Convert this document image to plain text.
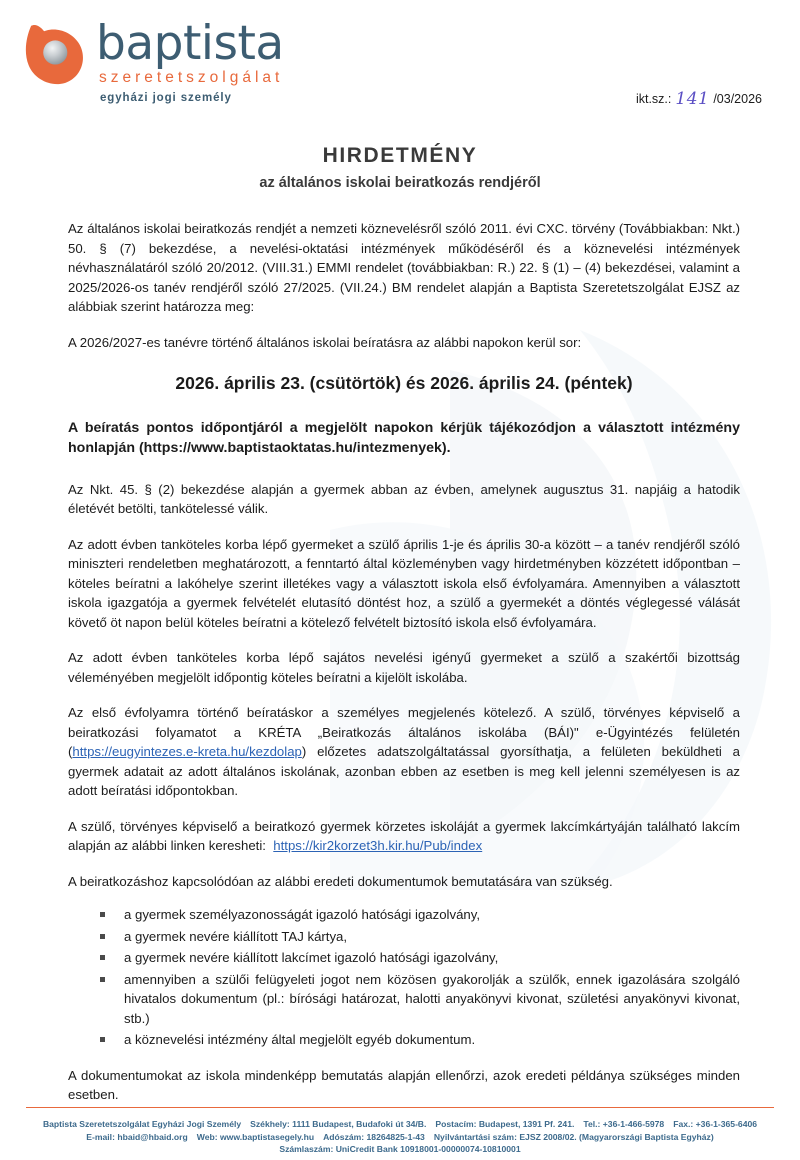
baptista
szeretetszolgálat
egyházi jogi személy	ikt.sz.: 141 /03/2026
HIRDETMÉNY
az általános iskolai beiratkozás rendjéről

Az általános iskolai beiratkozás rendjét a nemzeti köznevelésről szóló 2011. évi CXC. törvény (Továbbiakban: Nkt.) 50. § (7) bekezdése, a nevelési-oktatási intézmények működéséről és a köznevelési intézmények névhasználatáról szóló 20/2012. (VIII.31.) EMMI rendelet (továbbiakban: R.) 22. § (1) – (4) bekezdései, valamint a 2025/2026-os tanév rendjéről szóló 27/2025. (VII.24.) BM rendelet alapján a Baptista Szeretetszolgálat EJSZ az alábbiak szerint határozza meg:

A 2026/2027-es tanévre történő általános iskolai beíratásra az alábbi napokon kerül sor:

2026. április 23. (csütörtök) és 2026. április 24. (péntek)

A beíratás pontos időpontjáról a megjelölt napokon kérjük tájékozódjon a választott intézmény honlapján (https://www.baptistaoktatas.hu/intezmenyek).

Az Nkt. 45. § (2) bekezdése alapján a gyermek abban az évben, amelynek augusztus 31. napjáig a hatodik életévét betölti, tankötelessé válik.

Az adott évben tanköteles korba lépő gyermeket a szülő április 1-je és április 30-a között – a tanév rendjéről szóló miniszteri rendeletben meghatározott, a fenntartó által közleményben vagy hirdetményben közzétett időpontban – köteles beíratni a lakóhelye szerint illetékes vagy a választott iskola első évfolyamára. Amennyiben a választott iskola igazgatója a gyermek felvételét elutasító döntést hoz, a szülő a gyermekét a döntés véglegessé válását követő öt napon belül köteles beíratni a kötelező felvételt biztosító iskola első évfolyamára.

Az adott évben tanköteles korba lépő sajátos nevelési igényű gyermeket a szülő a szakértői bizottság véleményében megjelölt időpontig köteles beíratni a kijelölt iskolába.

Az első évfolyamra történő beíratáskor a személyes megjelenés kötelező. A szülő, törvényes képviselő a beiratkozási folyamatot a KRÉTA „Beiratkozás általános iskolába (BÁI)" e-Ügyintézés felületén (https://eugyintezes.e-kreta.hu/kezdolap) előzetes adatszolgáltatással gyorsíthatja, a felületen beküldheti a gyermek adatait az adott általános iskolának, azonban ebben az esetben is meg kell jelenni személyesen is az adott beíratási időpontokban.

A szülő, törvényes képviselő a beiratkozó gyermek körzetes iskoláját a gyermek lakcímkártyáján található lakcím alapján az alábbi linken keresheti: https://kir2korzet3h.kir.hu/Pub/index

A beiratkozáshoz kapcsolódóan az alábbi eredeti dokumentumok bemutatására van szükség.

a gyermek személyazonosságát igazoló hatósági igazolvány,
a gyermek nevére kiállított TAJ kártya,
a gyermek nevére kiállított lakcímet igazoló hatósági igazolvány,
amennyiben a szülői felügyeleti jogot nem közösen gyakorolják a szülők, ennek igazolására szolgáló hivatalos dokumentum (pl.: bírósági határozat, halotti anyakönyvi kivonat, születési anyakönyvi kivonat, stb.)
a köznevelési intézmény által megjelölt egyéb dokumentum.

A dokumentumokat az iskola mindenképp bemutatás alapján ellenőrzi, azok eredeti példánya szükséges minden esetben.

Baptista Szeretetszolgálat Egyházi Jogi Személy Székhely: 1111 Budapest, Budafoki út 34/B. Postacím: Budapest, 1391 Pf. 241. Tel.: +36-1-466-5978 Fax.: +36-1-365-6406
E-mail: hbaid@hbaid.org Web: www.baptistasegely.hu Adószám: 18264825-1-43 Nyilvántartási szám: EJSZ 2008/02. (Magyarországi Baptista Egyház)
Számlaszám: UniCredit Bank 10918001-00000074-10810001
